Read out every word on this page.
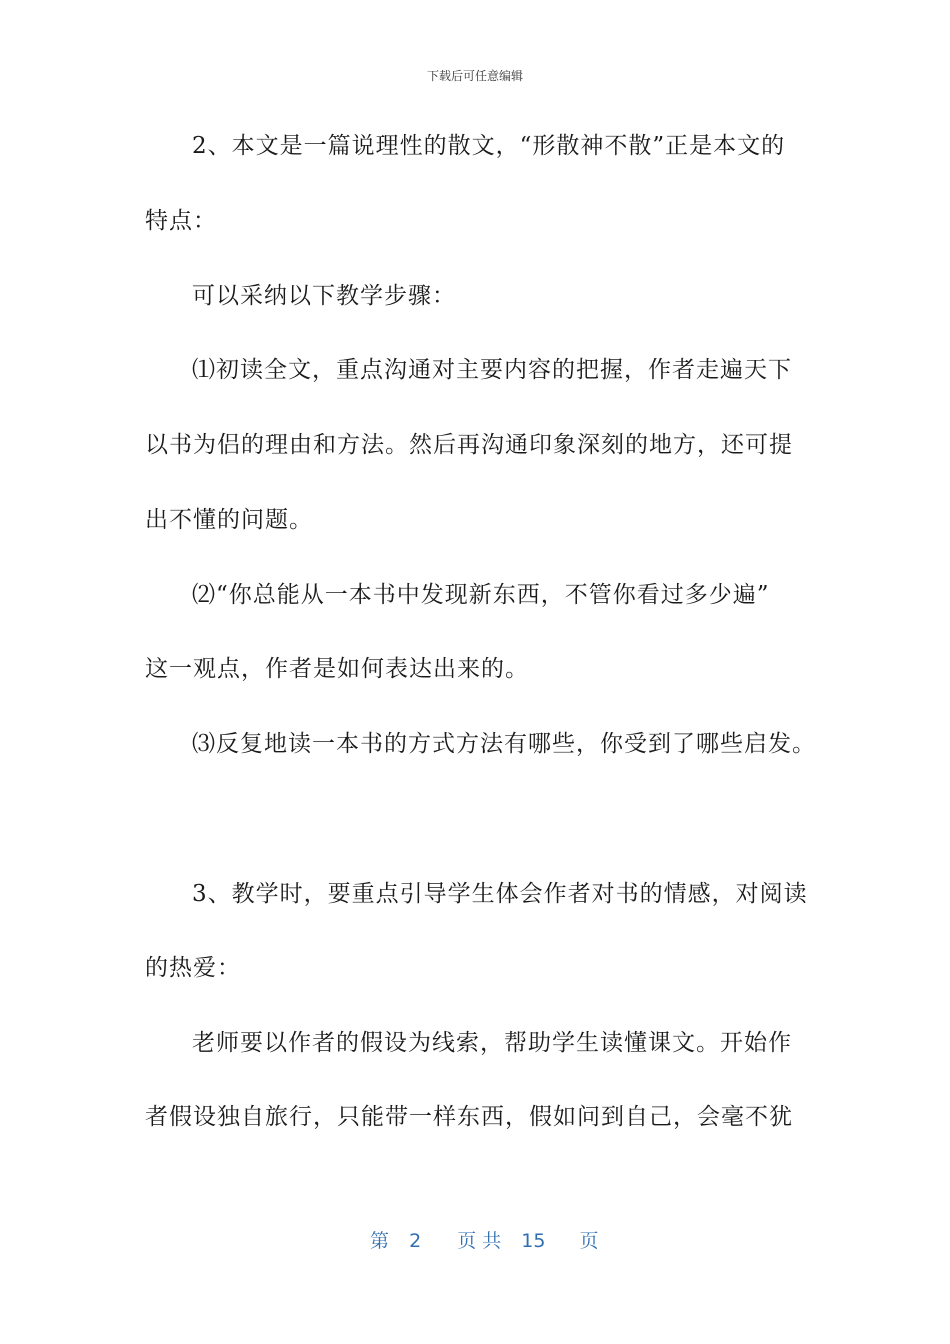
下载后可任意编辑
2、本文是一篇说理性的散文，“形散神不散”正是本文的
特点：
可以采纳以下教学步骤：
⑴初读全文，重点沟通对主要内容的把握，作者走遍天下
以书为侣的理由和方法。然后再沟通印象深刻的地方，还可提
出不懂的问题。
⑵“你总能从一本书中发现新东西，不管你看过多少遍”
这一观点，作者是如何表达出来的。
⑶反复地读一本书的方式方法有哪些，你受到了哪些启发。
3、教学时，要重点引导学生体会作者对书的情感，对阅读
的热爱：
老师要以作者的假设为线索，帮助学生读懂课文。开始作
者假设独自旅行，只能带一样东西，假如问到自己，会毫不犹
第 2 页 共 15 页
